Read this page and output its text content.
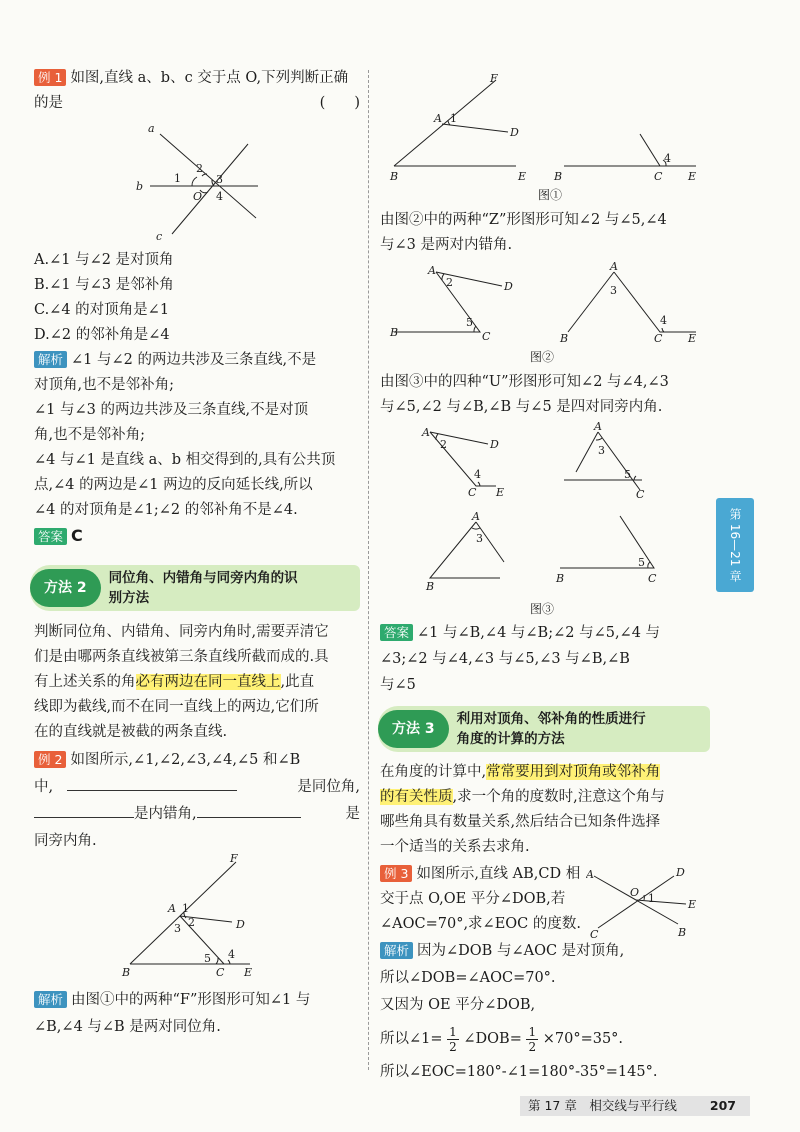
例 1 如图,直线 a、b、c 交于点 O,下列判断正确

的是	(　　)

a
b
c
O
1
2
3
4

A.∠1 与∠2 是对顶角

B.∠1 与∠3 是邻补角

C.∠4 的对顶角是∠1

D.∠2 的邻补角是∠4

解析 ∠1 与∠2 的两边共涉及三条直线,不是

对顶角,也不是邻补角;

∠1 与∠3 的两边共涉及三条直线,不是对顶

角,也不是邻补角;

∠4 与∠1 是直线 a、b 相交得到的,具有公共顶

点,∠4 的两边是∠1 两边的反向延长线,所以

∠4 的对顶角是∠1;∠2 的邻补角不是∠4.

答案 C

方法 2
同位角、内错角与同旁内角的识
别方法

判断同位角、内错角、同旁内角时,需要弄清它

们是由哪两条直线被第三条直线所截而成的.具

有上述关系的角必有两边在同一直线上,此直

线即为截线,而不在同一直线上的两边,它们所

在的直线就是被截的两条直线.

例 2 如图所示,∠1,∠2,∠3,∠4,∠5 和∠B

中,	是同位角,

是内错角,	是

同旁内角.

F
A
D
B	C E
1
2
3
4
5

解析 由图①中的两种“F”形图形可知∠1 与

∠B,∠4 与∠B 是两对同位角.

F
A
D
B	E
1
B	C E
4
图①

由图②中的两种“Z”形图形可知∠2 与∠5,∠4

与∠3 是两对内错角.

A
D
B	C
2
5
A
3
B	C E
4
图②

由图③中的四种“U”形图形可知∠2 与∠4,∠3

与∠5,∠2 与∠B,∠B 与∠5 是四对同旁内角.

A
D
C E
2
4
A
3
5
C
A
3
B
B
5
C
图③

答案 ∠1 与∠B,∠4 与∠B;∠2 与∠5,∠4 与

∠3;∠2 与∠4,∠3 与∠5,∠3 与∠B,∠B

与∠5

方法 3
利用对顶角、邻补角的性质进行
角度的计算的方法

在角度的计算中,常常要用到对顶角或邻补角

的有关性质,求一个角的度数时,注意这个角与

哪些角具有数量关系,然后结合已知条件选择

一个适当的关系去求角.

例 3 如图所示,直线 AB,CD 相

交于点 O,OE 平分∠DOB,若

∠AOC=70°,求∠EOC 的度数.

A	D
O 1	E
C	B

解析 因为∠DOB 与∠AOC 是对顶角,

所以∠DOB=∠AOC=70°.

又因为 OE 平分∠DOB,

所以∠1= $\frac{1}{2}$ ∠DOB= $\frac{1}{2} \times 70^\circ=35^\circ$.

所以∠EOC=180°-∠1=180°-35°=145°.

第 16—21 章
第 17 章　相交线与平行线	207
